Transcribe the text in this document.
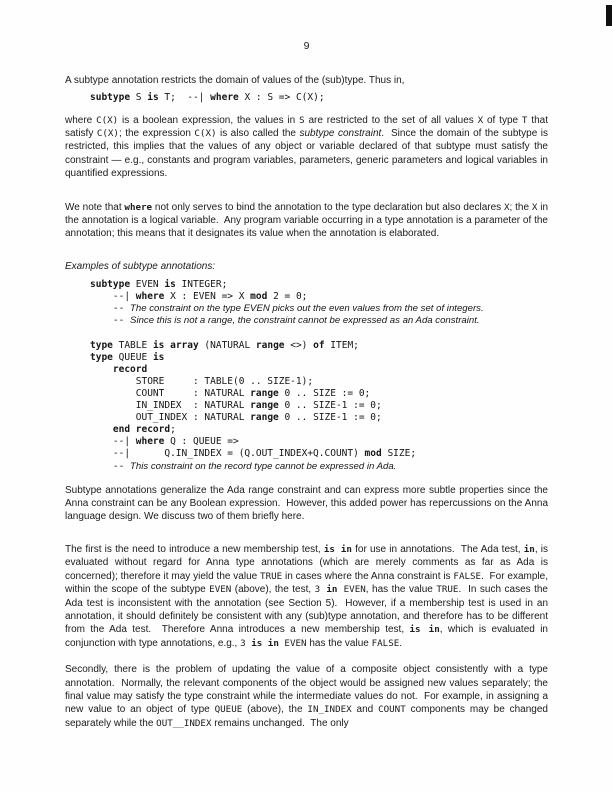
9

A subtype annotation restricts the domain of values of the (sub)type. Thus in,

subtype S is T;  --| where X : S => C(X);

where C(X) is a boolean expression, the values in S are restricted to the set of all values X of type T that satisfy C(X); the expression C(X) is also called the subtype constraint.  Since the domain of the subtype is restricted, this implies that the values of any object or variable declared of that subtype must satisfy the constraint — e.g., constants and program variables, parameters, generic parameters and logical variables in quantified expressions.

We note that where not only serves to bind the annotation to the type declaration but also declares X; the X in the annotation is a logical variable.  Any program variable occurring in a type annotation is a parameter of the annotation; this means that it designates its value when the annotation is elaborated.

Examples of subtype annotations:

subtype EVEN is INTEGER;
--| where X : EVEN => X mod 2 = 0;
-- The constraint on the type EVEN picks out the even values from the set of integers.
-- Since this is not a range, the constraint cannot be expressed as an Ada constraint.

type TABLE is array (NATURAL range <>) of ITEM;
type QUEUE is
record
STORE     : TABLE(0 .. SIZE-1);
COUNT     : NATURAL range 0 .. SIZE := 0;
IN_INDEX  : NATURAL range 0 .. SIZE-1 := 0;
OUT_INDEX : NATURAL range 0 .. SIZE-1 := 0;
end record;
--| where Q : QUEUE =>
--|      Q.IN_INDEX = (Q.OUT_INDEX+Q.COUNT) mod SIZE;
-- This constraint on the record type cannot be expressed in Ada.

Subtype annotations generalize the Ada range constraint and can express more subtle properties since the Anna constraint can be any Boolean expression.  However, this added power has repercussions on the Anna language design. We discuss two of them briefly here.

The first is the need to introduce a new membership test, is in for use in annotations.  The Ada test, in, is evaluated without regard for Anna type annotations (which are merely comments as far as Ada is concerned); therefore it may yield the value TRUE in cases where the Anna constraint is FALSE.  For example, within the scope of the subtype EVEN (above), the test, 3 in EVEN, has the value TRUE.  In such cases the Ada test is inconsistent with the annotation (see Section 5).  However, if a membership test is used in an annotation, it should definitely be consistent with any (sub)type annotation, and therefore has to be different from the Ada test.  Therefore Anna introduces a new membership test, is in, which is evaluated in conjunction with type annotations, e.g., 3 is in EVEN has the value FALSE.

Secondly, there is the problem of updating the value of a composite object consistently with a type annotation.  Normally, the relevant components of the object would be assigned new values separately; the final value may satisfy the type constraint while the intermediate values do not.  For example, in assigning a new value to an object of type QUEUE (above), the IN_INDEX and COUNT components may be changed separately while the OUT__INDEX remains unchanged.  The only
